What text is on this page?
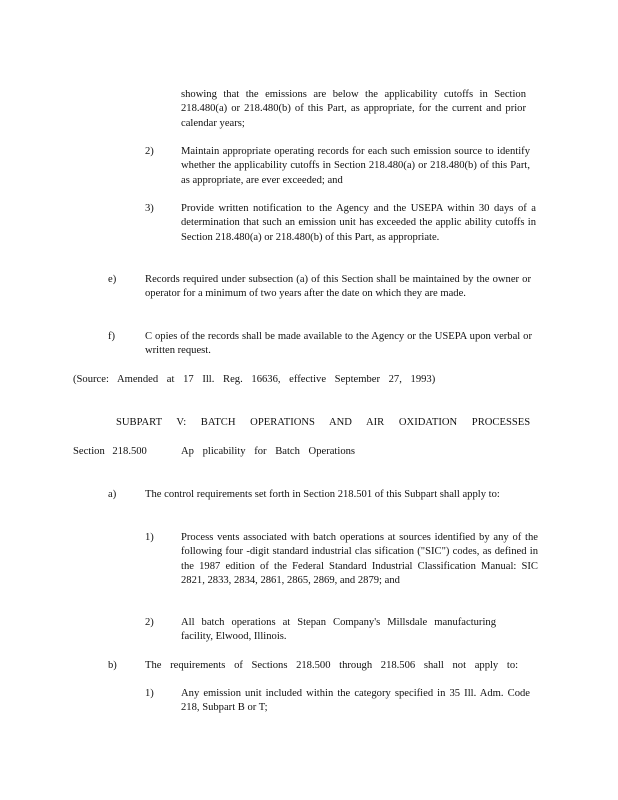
showing that the emissions are below the applicability cutoffs in Section 218.480(a) or 218.480(b) of this Part, as appropriate, for the current and prior calendar years;

2)	Maintain appropriate operating records for each such emission source to identify whether the applicability cutoffs in Section 218.480(a) or 218.480(b) of this Part, as appropriate, are ever exceeded; and

3)	Provide written notification to the Agency and the USEPA within 30 days of a determination that such an emission unit has exceeded the applic ability cutoffs in Section 218.480(a) or 218.480(b) of this Part, as appropriate.

e)	Records required under subsection (a) of this Section shall be maintained by the owner or operator for a minimum of two years after the date on which they are made.

f)	C opies of the records shall be made available to the Agency or the USEPA upon verbal or written request.

(Source: Amended at 17 Ill. Reg. 16636, effective September 27, 1993)

SUBPART V: BATCH OPERATIONS AND AIR OXIDATION PROCESSES

Section 218.500	Ap plicability for Batch Operations
a)	The control requirements set forth in Section 218.501 of this Subpart shall apply to:

1)	Process vents associated with batch operations at sources identified by any of the following four -digit standard industrial clas sification ("SIC") codes, as defined in the 1987 edition of the Federal Standard Industrial Classification Manual: SIC 2821, 2833, 2834, 2861, 2865, 2869, and 2879; and

2)	All batch operations at Stepan Company's Millsdale manufacturing facility, Elwood, Illinois.

b)	The requirements of Sections 218.500 through 218.506 shall not apply to:

1)	Any emission unit included within the category specified in 35 Ill. Adm. Code 218, Subpart B or T;
